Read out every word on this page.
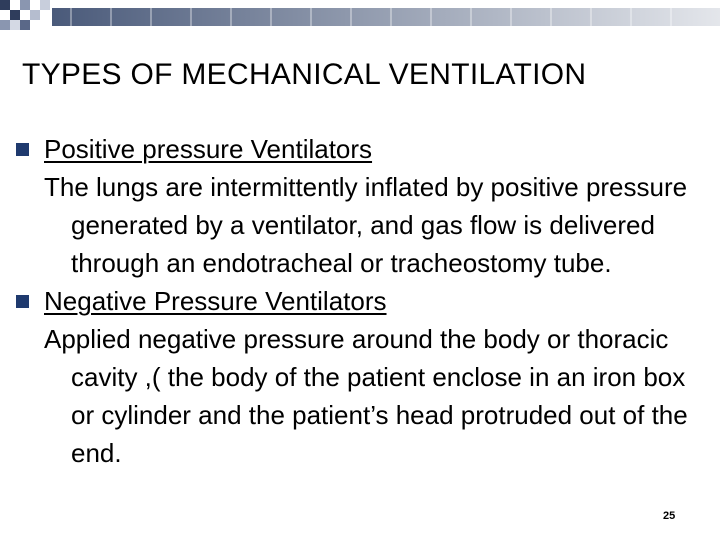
TYPES OF MECHANICAL VENTILATION

Positive pressure Ventilators

The lungs are intermittently inflated by positive pressure generated by a ventilator, and gas flow is delivered through an endotracheal or tracheostomy tube.

Negative Pressure Ventilators

Applied negative pressure around the body or thoracic cavity ,( the body of the patient enclose in an iron box or cylinder and the patient’s head protruded out of the end.

25
